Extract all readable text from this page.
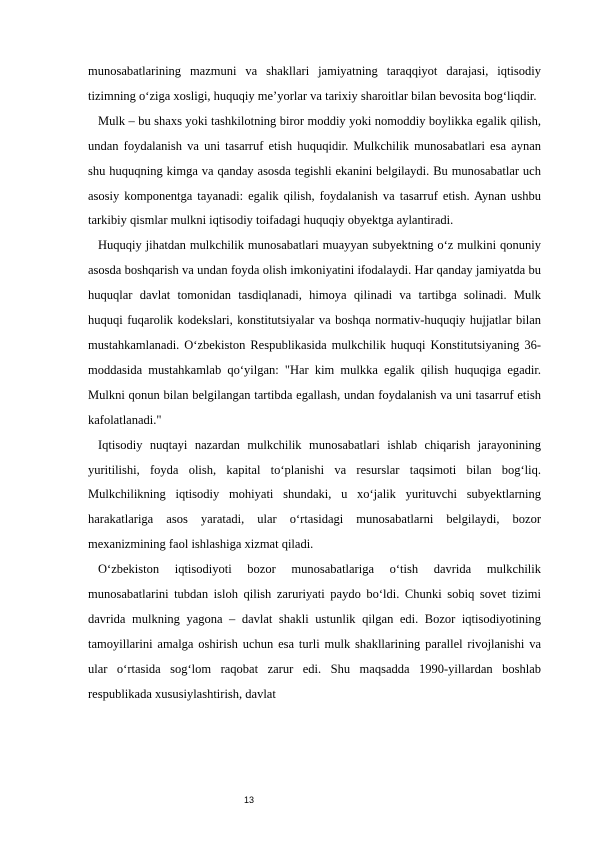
munosabatlarining mazmuni va shakllari jamiyatning taraqqiyot darajasi, iqtisodiy tizimning o‘ziga xosligi, huquqiy me’yorlar va tarixiy sharoitlar bilan bevosita bog‘liqdir.

Mulk – bu shaxs yoki tashkilotning biror moddiy yoki nomoddiy boylikka egalik qilish, undan foydalanish va uni tasarruf etish huquqidir. Mulkchilik munosabatlari esa aynan shu huquqning kimga va qanday asosda tegishli ekanini belgilaydi. Bu munosabatlar uch asosiy komponentga tayanadi: egalik qilish, foydalanish va tasarruf etish. Aynan ushbu tarkibiy qismlar mulkni iqtisodiy toifadagi huquqiy obyektga aylantiradi.

Huquqiy jihatdan mulkchilik munosabatlari muayyan subyektning o‘z mulkini qonuniy asosda boshqarish va undan foyda olish imkoniyatini ifodalaydi. Har qanday jamiyatda bu huquqlar davlat tomonidan tasdiqlanadi, himoya qilinadi va tartibga solinadi. Mulk huquqi fuqarolik kodekslari, konstitutsiyalar va boshqa normativ-huquqiy hujjatlar bilan mustahkamlanadi. O‘zbekiston Respublikasida mulkchilik huquqi Konstitutsiyaning 36-moddasida mustahkamlab qo‘yilgan: "Har kim mulkka egalik qilish huquqiga egadir. Mulkni qonun bilan belgilangan tartibda egallash, undan foydalanish va uni tasarruf etish kafolatlanadi."

Iqtisodiy nuqtayi nazardan mulkchilik munosabatlari ishlab chiqarish jarayonining yuritilishi, foyda olish, kapital to‘planishi va resurslar taqsimoti bilan bog‘liq. Mulkchilikning iqtisodiy mohiyati shundaki, u xo‘jalik yurituvchi subyektlarning harakatlariga asos yaratadi, ular o‘rtasidagi munosabatlarni belgilaydi, bozor mexanizmining faol ishlashiga xizmat qiladi.

O‘zbekiston iqtisodiyoti bozor munosabatlariga o‘tish davrida mulkchilik munosabatlarini tubdan isloh qilish zaruriyati paydo bo‘ldi. Chunki sobiq sovet tizimi davrida mulkning yagona – davlat shakli ustunlik qilgan edi. Bozor iqtisodiyotining tamoyillarini amalga oshirish uchun esa turli mulk shakllarining parallel rivojlanishi va ular o‘rtasida sog‘lom raqobat zarur edi. Shu maqsadda 1990-yillardan boshlab respublikada xususiylashtirish, davlat

13
